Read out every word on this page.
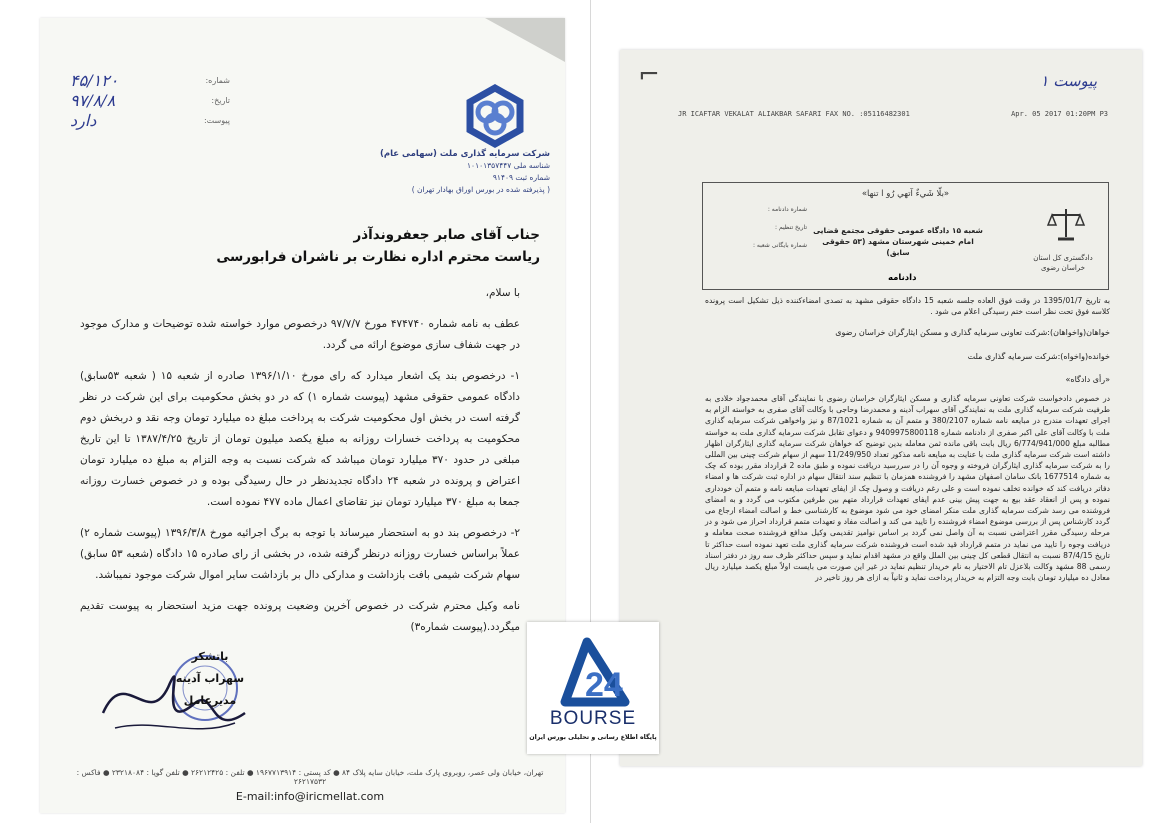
شماره:
۴۵/۱۲۰
تاریخ:
۹۷/۸/۸
پیوست:
دارد
شرکت سرمایه گذاری ملت (سهامی عام)
شناسه ملی ۱۰۱۰۱۳۵۷۴۴۷
شماره ثبت ۹۱۴۰۹
( پذیرفته شده در بورس اوراق بهادار تهران )
جناب آقای صابر جعفروندآذر
ریاست محترم اداره نظارت بر ناشران فرابورسی

با سلام،

عطف به نامه شماره ۴۷۴۷۴۰ مورخ ۹۷/۷/۷ درخصوص موارد خواسته شده توضیحات و مدارک موجود در جهت شفاف سازی موضوع ارائه می گردد.

۱- درخصوص بند یک اشعار میدارد که رای مورخ ۱۳۹۶/۱/۱۰ صادره از شعبه ۱۵ ( شعبه ۵۳سابق) دادگاه عمومی حقوقی مشهد (پیوست شماره ۱) که در دو بخش محکومیت برای این شرکت در نظر گرفته است در بخش اول محکومیت شرکت به پرداخت مبلغ ده میلیارد تومان وجه نقد و دربخش دوم محکومیت به پرداخت خسارات روزانه به مبلغ یکصد میلیون تومان از تاریخ ۱۳۸۷/۴/۲۵ تا این تاریخ مبلغی در حدود ۳۷۰ میلیارد تومان میباشد که شرکت نسبت به وجه التزام به مبلغ ده میلیارد تومان اعتراض و پرونده در شعبه ۲۴ دادگاه تجدیدنظر در حال رسیدگی بوده و در خصوص خسارت روزانه جمعا به مبلغ ۳۷۰ میلیارد تومان نیز تقاضای اعمال ماده ۴۷۷ نموده است.

۲- درخصوص بند دو به استحضار میرساند با توجه به برگ اجرائیه مورخ ۱۳۹۶/۳/۸ (پیوست شماره ۲) عملاً براساس خسارت روزانه درنظر گرفته شده، در بخشی از رای صادره ۱۵ دادگاه (شعبه ۵۳ سابق) سهام شرکت شیمی بافت بازداشت و مدارکی دال بر بازداشت سایر اموال شرکت موجود نمیباشد.

نامه وکیل محترم شرکت در خصوص آخرین وضعیت پرونده جهت مزید استحضار به پیوست تقدیم میگردد.(پیوست شماره۳)

باتشکر
سهراب آدینه
مدیرعامل
تهران، خیابان ولی عصر، روبروی پارک ملت، خیابان سایه پلاک ۸۴ ● کد پستی : ۱۹۶۷۷۱۳۹۱۴ ● تلفن : ۲۶۲۱۲۴۲۵ ● تلفن گویا : ۲۳۲۱۸۰۸۴ ● فاکس : ۲۶۲۱۷۵۳۲
E-mail:info@iricmellat.com
⌐	پیوست ۱
JR ICAFTAR VEKALAT ALIAKBAR SAFARI FAX NO. :05116482301	Apr. 05 2017 01:20PM P3
«بلّا شَيءٌ آتهي رُو ا تنها»
شماره دادنامه :
تاریخ تنظیم :
شماره بایگانی شعبه :
شعبه ۱۵ دادگاه عمومی حقوقی مجتمع قضایی امام خمینی شهرستان مشهد (۵۳ حقوقی سابق)
دادنامه
دادگستری کل استان خراسان رضوی

به تاریخ 1395/01/7 در وقت فوق العاده جلسه شعبه 15 دادگاه حقوقی مشهد به تصدی امضاءکننده ذیل تشکیل است پرونده کلاسه فوق تحت نظر است ختم رسیدگی اعلام می شود .

خواهان(واخواهان):شرکت تعاونی سرمایه گذاری و مسکن ایثارگران خراسان رضوی

خوانده(واخواه):شرکت سرمایه گذاری ملت

«رأی دادگاه»

در خصوص دادخواست شرکت تعاونی سرمایه گذاری و مسکن ایثارگران خراسان رضوی با نمایندگی آقای محمدجواد خلادی به طرفیت شرکت سرمایه گذاری ملت به نمایندگی آقای سهراب آدینه و محمدرضا وحاجی با وکالت آقای صفری به خواسته الزام به اجرای تعهدات مندرج در مبایعه نامه شماره 380/2107 و متمم آن به شماره 87/1021 و نیز واخواهی شرکت سرمایه گذاری ملت با وکالت آقای علی اکبر صفری از دادنامه شماره 9409975800118 و دعوای تقابل شرکت سرمایه گذاری ملت به خواسته مطالبه مبلغ 6/774/941/000 ریال بابت باقی مانده ثمن معامله بدین توضیح که خواهان شرکت سرمایه گذاری ایثارگران اظهار داشته است شرکت سرمایه گذاری ملت با عنایت به مبایعه نامه مذکور تعداد 11/249/950 سهم از سهام شرکت چینی بین المللی را به شرکت سرمایه گذاری ایثارگران فروخته و وجوه آن را در سررسید دریافت نموده و طبق ماده 2 قرارداد مقرر بوده که چک به شماره 1677514 بانک سامان اصفهان مشهد را فروشنده همزمان با تنظیم سند انتقال سهام در اداره ثبت شرکت ها و امضاء دفاتر دریافت کند که خوانده تخلف نموده است و علی رغم دریافت و وصول چک از ایفای تعهدات مبایعه نامه و متمم آن خودداری نموده و پس از انعقاد عقد بیع به جهت پیش بینی عدم ایفای تعهدات قرارداد متهم بین طرفین مکتوب می گردد و به امضای فروشنده می رسد شرکت سرمایه گذاری ملت منکر امضای خود می شود موضوع به کارشناسی خط و اصالت امضاء ارجاع می گردد کارشناس پس از بررسی موضوع امضاء فروشنده را تایید می کند و اصالت مفاد و تعهدات متمم قرارداد احراز می شود و در مرحله رسیدگی مقرر اعتراضی نسبت به آن واصل نمی گردد بر اساس نوامیز تقدیمی وکیل مدافع فروشنده صحت معامله و دریافت وجوه را تایید می نماید در متمم قرارداد قید شده است فروشنده شرکت سرمایه گذاری ملت تعهد نموده است حداکثر تا تاریخ 87/4/15 نسبت به انتقال قطعی کل چینی بین الملل واقع در مشهد اقدام نماید و سپس حداکثر ظرف سه روز در دفتر اسناد رسمی 88 مشهد وکالت بلاعزل تام الاختیار به نام خریدار تنظیم نماید در غیر این صورت می بایست اولاً مبلغ یکصد میلیارد ریال معادل ده میلیارد تومان بابت وجه التزام به خریدار پرداخت نماید و ثانیاً به ازای هر روز تاخیر در

24
BOURSE
پایگاه اطلاع رسانی و تحلیلی بورس ایران
